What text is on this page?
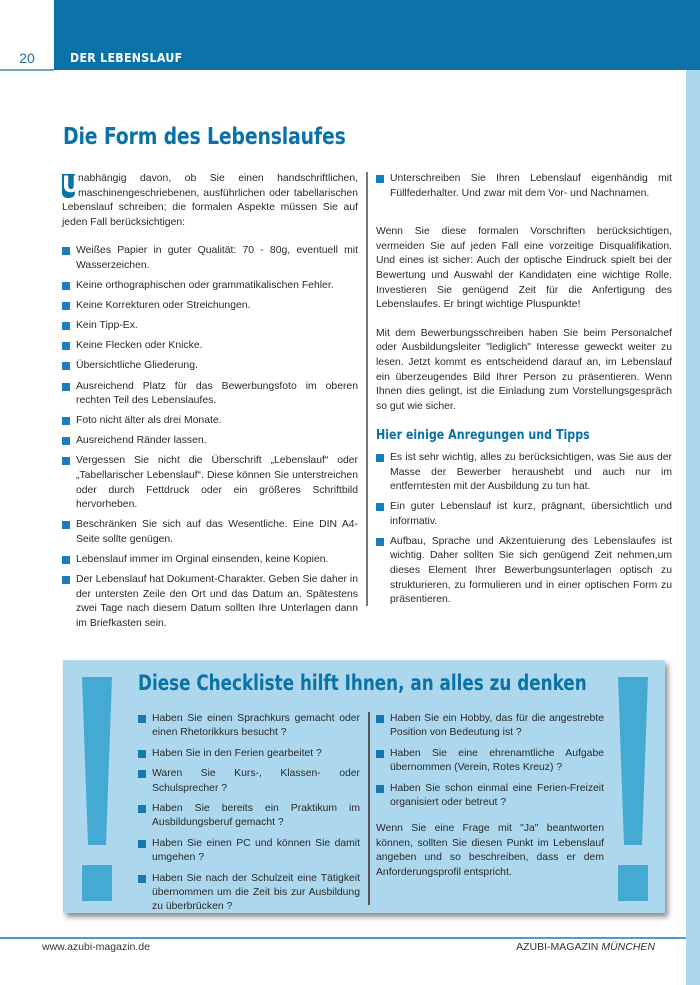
20	DER LEBENSLAUF
Die Form des Lebenslaufes

U
nabhängig davon, ob Sie einen handschriftlichen, maschinengeschriebenen, ausführlichen oder tabellarischen Lebenslauf schreiben; die formalen Aspekte müssen Sie auf jeden Fall berücksichtigen:

Weißes Papier in guter Qualität: 70 - 80g, eventuell mit Wasserzeichen.
Keine orthographischen oder grammatikalischen Fehler.
Keine Korrekturen oder Streichungen.
Kein Tipp-Ex.
Keine Flecken oder Knicke.
Übersichtliche Gliederung.
Ausreichend Platz für das Bewerbungsfoto im oberen rechten Teil des Lebenslaufes.
Foto nicht älter als drei Monate.
Ausreichend Ränder lassen.
Vergessen Sie nicht die Überschrift „Lebenslauf“ oder „Tabellarischer Lebenslauf“. Diese können Sie unterstreichen oder durch Fettdruck oder ein größeres Schriftbild hervorheben.
Beschränken Sie sich auf das Wesentliche. Eine DIN A4-Seite sollte genügen.
Lebenslauf immer im Orginal einsenden, keine Kopien.
Der Lebenslauf hat Dokument-Charakter. Geben Sie daher in der untersten Zeile den Ort und das Datum an. Spätestens zwei Tage nach diesem Datum sollten Ihre Unterlagen dann im Briefkasten sein.
Unterschreiben Sie Ihren Lebenslauf eigenhändig mit Füllfederhalter. Und zwar mit dem Vor- und Nachnamen.

Wenn Sie diese formalen Vorschriften berücksichtigen, vermeiden Sie auf jeden Fall eine vorzeitige Disqualifikation. Und eines ist sicher: Auch der optische Eindruck spielt bei der Bewertung und Auswahl der Kandidaten eine wichtige Rolle. Investieren Sie genügend Zeit für die Anfertigung des Lebenslaufes. Er bringt wichtige Pluspunkte!

Mit dem Bewerbungsschreiben haben Sie beim Personalchef oder Ausbildungsleiter "lediglich" Interesse geweckt weiter zu lesen. Jetzt kommt es entscheidend darauf an, im Lebenslauf ein überzeugendes Bild Ihrer Person zu präsentieren. Wenn Ihnen dies gelingt, ist die Einladung zum Vorstellungsgespräch so gut wie sicher.

Hier einige Anregungen und Tipps
Es ist sehr wichtig, alles zu berücksichtigen, was Sie aus der Masse der Bewerber heraushebt und auch nur im entferntesten mit der Ausbildung zu tun hat.
Ein guter Lebenslauf ist kurz, prägnant, übersichtlich und informativ.
Aufbau, Sprache und Akzentuierung des Lebenslaufes ist wichtig. Daher sollten Sie sich genügend Zeit nehmen,um dieses Element Ihrer Bewerbungsunterlagen optisch zu strukturieren, zu formulieren und in einer optischen Form zu präsentieren.
Diese Checkliste hilft Ihnen, an alles zu denken
Haben Sie einen Sprachkurs gemacht oder einen Rhetorikkurs besucht ?
Haben Sie in den Ferien gearbeitet ?
Waren Sie Kurs-, Klassen- oder Schulsprecher ?
Haben Sie bereits ein Praktikum im Ausbildungsberuf gemacht ?
Haben Sie einen PC und können Sie damit umgehen ?
Haben Sie nach der Schulzeit eine Tätigkeit übernommen um die Zeit bis zur Ausbildung zu überbrücken ?
Haben Sie ein Hobby, das für die angestrebte Position von Bedeutung ist ?
Haben Sie eine ehrenamtliche Aufgabe übernommen (Verein, Rotes Kreuz) ?
Haben Sie schon einmal eine Ferien-Freizeit organisiert oder betreut ?

Wenn Sie eine Frage mit "Ja" beantworten können, sollten Sie diesen Punkt im Lebenslauf angeben und so beschreiben, dass er dem Anforderungsprofil entspricht.

www.azubi-magazin.de	AZUBI-MAGAZIN MÜNCHEN
